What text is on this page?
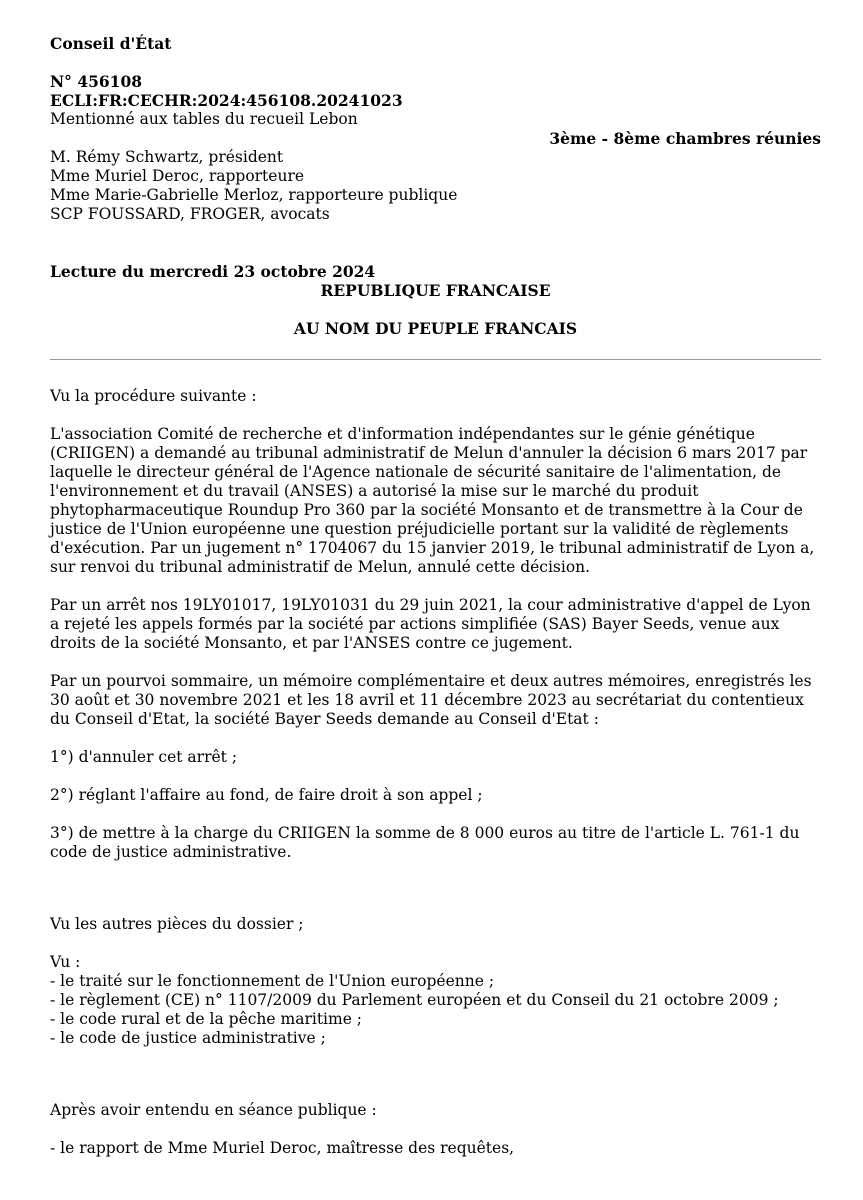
Conseil d'État
N° 456108
ECLI:FR:CECHR:2024:456108.20241023
Mentionné aux tables du recueil Lebon
3ème - 8ème chambres réunies
M. Rémy Schwartz, président
Mme Muriel Deroc, rapporteure
Mme Marie-Gabrielle Merloz, rapporteure publique
SCP FOUSSARD, FROGER, avocats
Lecture du mercredi 23 octobre 2024
REPUBLIQUE FRANCAISE
AU NOM DU PEUPLE FRANCAIS
Vu la procédure suivante :
L'association Comité de recherche et d'information indépendantes sur le génie génétique
(CRIIGEN) a demandé au tribunal administratif de Melun d'annuler la décision 6 mars 2017 par
laquelle le directeur général de l'Agence nationale de sécurité sanitaire de l'alimentation, de
l'environnement et du travail (ANSES) a autorisé la mise sur le marché du produit
phytopharmaceutique Roundup Pro 360 par la société Monsanto et de transmettre à la Cour de
justice de l'Union européenne une question préjudicielle portant sur la validité de règlements
d'exécution. Par un jugement n° 1704067 du 15 janvier 2019, le tribunal administratif de Lyon a,
sur renvoi du tribunal administratif de Melun, annulé cette décision.
Par un arrêt nos 19LY01017, 19LY01031 du 29 juin 2021, la cour administrative d'appel de Lyon
a rejeté les appels formés par la société par actions simplifiée (SAS) Bayer Seeds, venue aux
droits de la société Monsanto, et par l'ANSES contre ce jugement.
Par un pourvoi sommaire, un mémoire complémentaire et deux autres mémoires, enregistrés les
30 août et 30 novembre 2021 et les 18 avril et 11 décembre 2023 au secrétariat du contentieux
du Conseil d'Etat, la société Bayer Seeds demande au Conseil d'Etat :
1°) d'annuler cet arrêt ;
2°) réglant l'affaire au fond, de faire droit à son appel ;
3°) de mettre à la charge du CRIIGEN la somme de 8 000 euros au titre de l'article L. 761-1 du
code de justice administrative.
Vu les autres pièces du dossier ;
Vu :
- le traité sur le fonctionnement de l'Union européenne ;
- le règlement (CE) n° 1107/2009 du Parlement européen et du Conseil du 21 octobre 2009 ;
- le code rural et de la pêche maritime ;
- le code de justice administrative ;
Après avoir entendu en séance publique :
- le rapport de Mme Muriel Deroc, maîtresse des requêtes,
